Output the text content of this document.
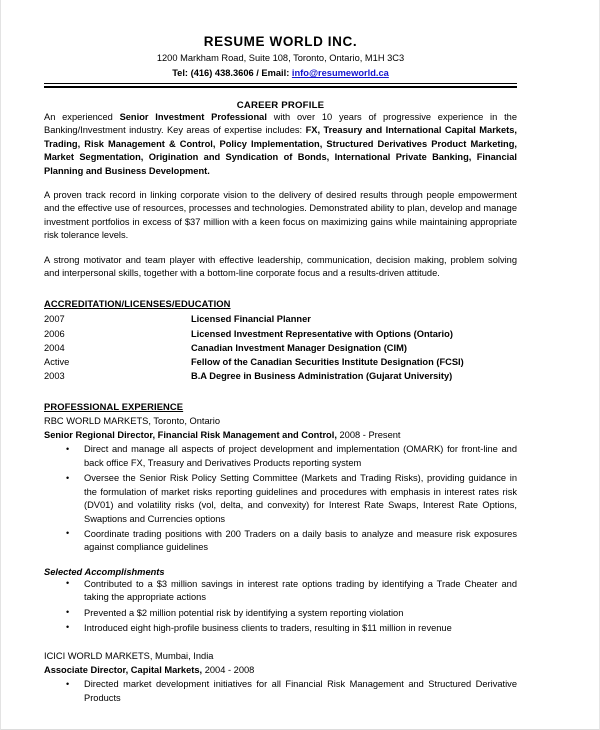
RESUME WORLD INC.
1200 Markham Road, Suite 108, Toronto, Ontario, M1H 3C3
Tel: (416) 438.3606 / Email: info@resumeworld.ca
CAREER PROFILE
An experienced Senior Investment Professional with over 10 years of progressive experience in the Banking/Investment industry. Key areas of expertise includes: FX, Treasury and International Capital Markets, Trading, Risk Management & Control, Policy Implementation, Structured Derivatives Product Marketing, Market Segmentation, Origination and Syndication of Bonds, International Private Banking, Financial Planning and Business Development.
A proven track record in linking corporate vision to the delivery of desired results through people empowerment and the effective use of resources, processes and technologies. Demonstrated ability to plan, develop and manage investment portfolios in excess of $37 million with a keen focus on maximizing gains while maintaining appropriate risk tolerance levels.
A strong motivator and team player with effective leadership, communication, decision making, problem solving and interpersonal skills, together with a bottom-line corporate focus and a results-driven attitude.
ACCREDITATION/LICENSES/EDUCATION
2007	Licensed Financial Planner
2006	Licensed Investment Representative with Options (Ontario)
2004	Canadian Investment Manager Designation (CIM)
Active	Fellow of the Canadian Securities Institute Designation (FCSI)
2003	B.A Degree in Business Administration (Gujarat University)
PROFESSIONAL EXPERIENCE
RBC WORLD MARKETS, Toronto, Ontario
Senior Regional Director, Financial Risk Management and Control, 2008 - Present
• Direct and manage all aspects of project development and implementation (OMARK) for front-line and back office FX, Treasury and Derivatives Products reporting system
• Oversee the Senior Risk Policy Setting Committee (Markets and Trading Risks), providing guidance in the formulation of market risks reporting guidelines and procedures with emphasis in interest rates risk (DV01) and volatility risks (vol, delta, and convexity) for Interest Rate Swaps, Interest Rate Options, Swaptions and Currencies options
• Coordinate trading positions with 200 Traders on a daily basis to analyze and measure risk exposures against compliance guidelines
Selected Accomplishments
• Contributed to a $3 million savings in interest rate options trading by identifying a Trade Cheater and taking the appropriate actions
• Prevented a $2 million potential risk by identifying a system reporting violation
• Introduced eight high-profile business clients to traders, resulting in $11 million in revenue
ICICI WORLD MARKETS, Mumbai, India
Associate Director, Capital Markets, 2004 - 2008
• Directed market development initiatives for all Financial Risk Management and Structured Derivative Products
